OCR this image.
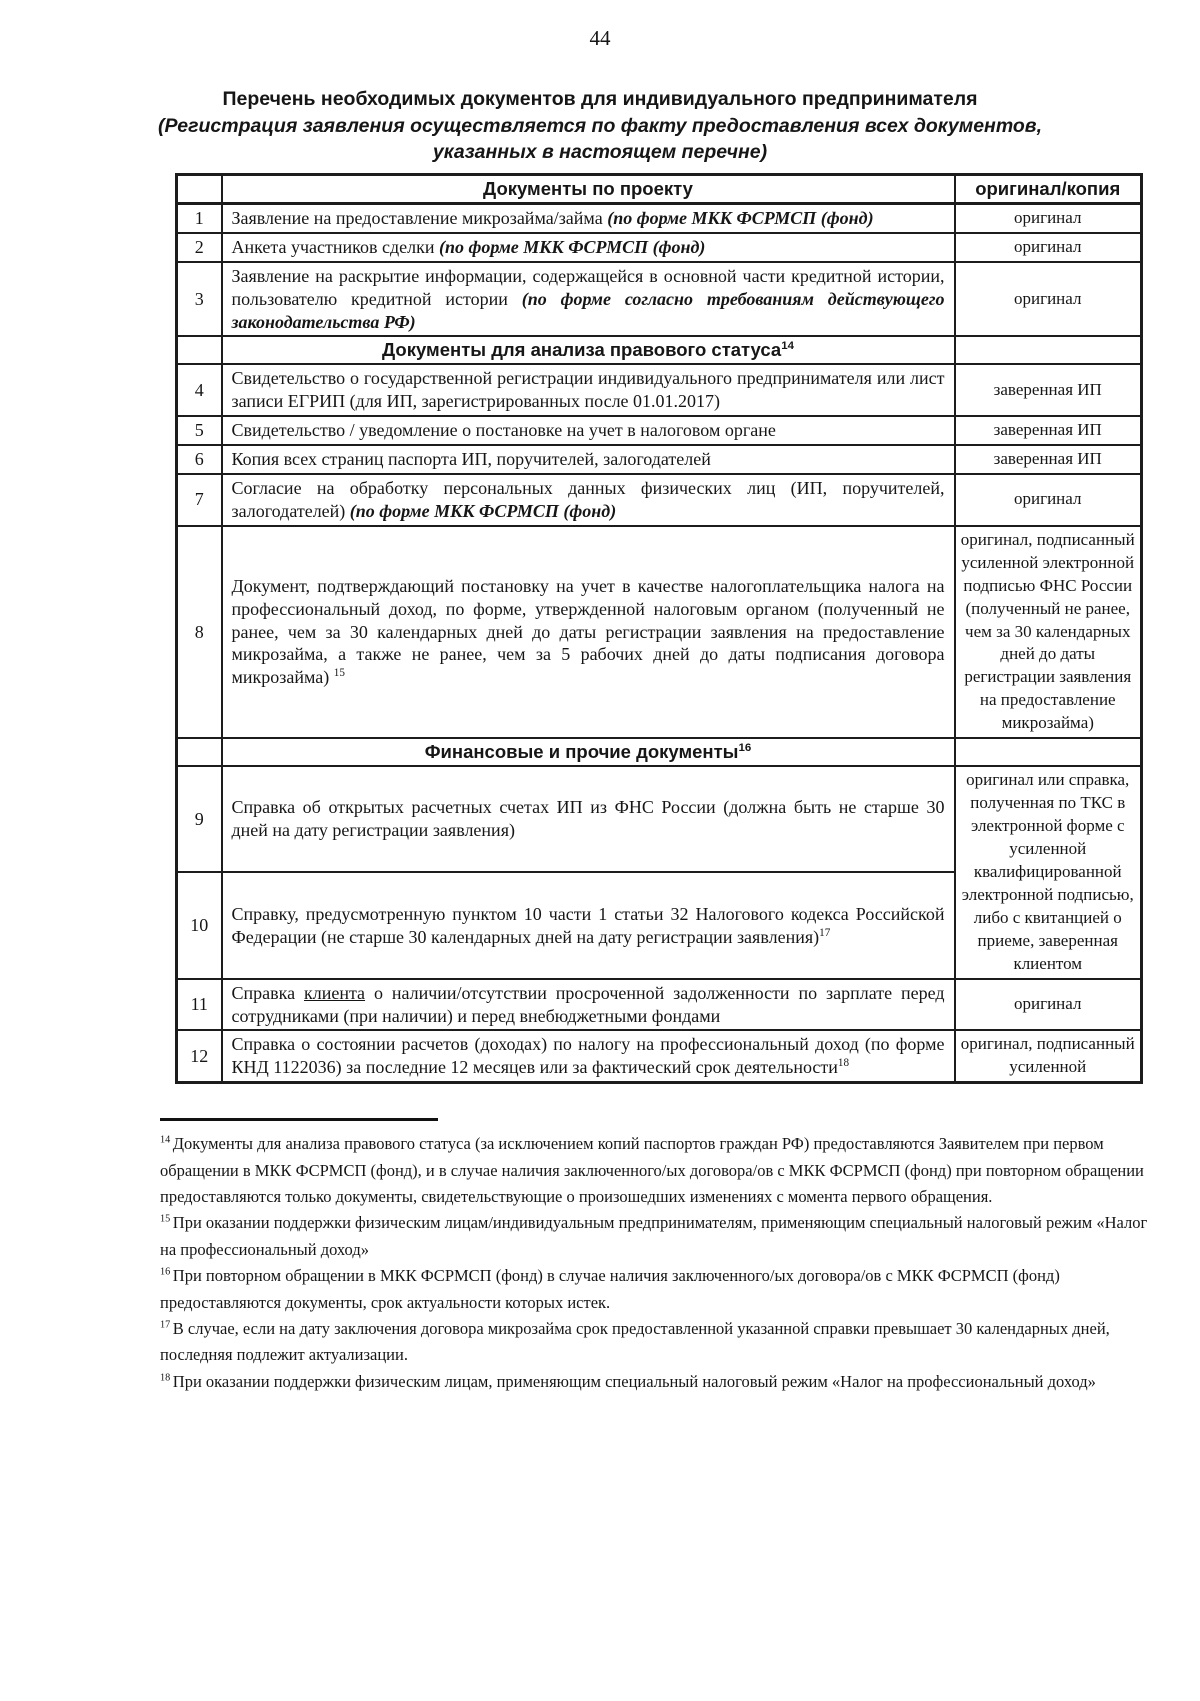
44
Перечень необходимых документов для индивидуального предпринимателя
(Регистрация заявления осуществляется по факту предоставления всех документов, указанных в настоящем перечне)
	Документы по проекту	оригинал/копия
1	Заявление на предоставление микрозайма/займа (по форме МКК ФСРМСП (фонд)	оригинал
2	Анкета участников сделки (по форме МКК ФСРМСП (фонд)	оригинал
3	Заявление на раскрытие информации, содержащейся в основной части кредитной истории, пользователю кредитной истории (по форме согласно требованиям действующего законодательства РФ)	оригинал
	Документы для анализа правового статуса$^{14}$	
4	Свидетельство о государственной регистрации индивидуального предпринимателя или лист записи ЕГРИП (для ИП, зарегистрированных после 01.01.2017)	заверенная ИП
5	Свидетельство / уведомление о постановке на учет в налоговом органе	заверенная ИП
6	Копия всех страниц паспорта ИП, поручителей, залогодателей	заверенная ИП
7	Согласие на обработку персональных данных физических лиц (ИП, поручителей, залогодателей) (по форме МКК ФСРМСП (фонд)	оригинал
8	Документ, подтверждающий постановку на учет в качестве налогоплательщика налога на профессиональный доход, по форме, утвержденной налоговым органом (полученный не ранее, чем за 30 календарных дней до даты регистрации заявления на предоставление микрозайма, а также не ранее, чем за 5 рабочих дней до даты подписания договора микрозайма) $^{15}$	оригинал, подписанный усиленной электронной подписью ФНС России (полученный не ранее, чем за 30 календарных дней до даты регистрации заявления на предоставление микрозайма)
	Финансовые и прочие документы$^{16}$	
9	Справка об открытых расчетных счетах ИП из ФНС России (должна быть не старше 30 дней на дату регистрации заявления)	оригинал или справка, полученная по ТКС в электронной форме с усиленной квалифицированной электронной подписью, либо с квитанцией о приеме, заверенная клиентом
10	Справку, предусмотренную пунктом 10 части 1 статьи 32 Налогового кодекса Российской Федерации (не старше 30 календарных дней на дату регистрации заявления)$^{17}$
11	Справка клиента о наличии/отсутствии просроченной задолженности по зарплате перед сотрудниками (при наличии) и перед внебюджетными фондами	оригинал
12	Справка о состоянии расчетов (доходах) по налогу на профессиональный доход (по форме КНД 1122036) за последние 12 месяцев или за фактический срок деятельности$^{18}$	оригинал, подписанный усиленной
$^{14}$ Документы для анализа правового статуса (за исключением копий паспортов граждан РФ) предоставляются Заявителем при первом обращении в МКК ФСРМСП (фонд), и в случае наличия заключенного/ых договора/ов с МКК ФСРМСП (фонд) при повторном обращении предоставляются только документы, свидетельствующие о произошедших изменениях с момента первого обращения.
$^{15}$ При оказании поддержки физическим лицам/индивидуальным предпринимателям, применяющим специальный налоговый режим «Налог на профессиональный доход»
$^{16}$ При повторном обращении в МКК ФСРМСП (фонд) в случае наличия заключенного/ых договора/ов с МКК ФСРМСП (фонд) предоставляются документы, срок актуальности которых истек.
$^{17}$ В случае, если на дату заключения договора микрозайма срок предоставленной указанной справки превышает 30 календарных дней, последняя подлежит актуализации.
$^{18}$ При оказании поддержки физическим лицам, применяющим специальный налоговый режим «Налог на профессиональный доход»
